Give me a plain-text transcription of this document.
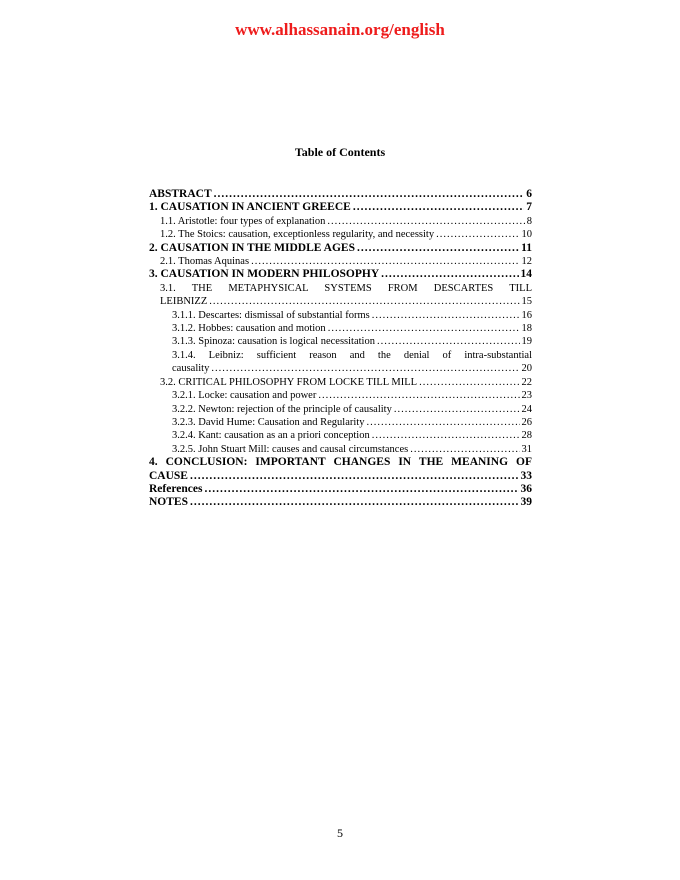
www.alhassanain.org/english
Table of Contents
ABSTRACT .....	6
1. CAUSATION IN ANCIENT GREECE .....	7
1.1. Aristotle: four types of explanation .....	8
1.2. The Stoics: causation, exceptionless regularity, and necessity .....	10
2. CAUSATION IN THE MIDDLE AGES .....	11
2.1. Thomas Aquinas .....	12
3. CAUSATION IN MODERN PHILOSOPHY .....	14
3.1. THE METAPHYSICAL SYSTEMS FROM DESCARTES TILL
LEIBNIZZ .....	15
3.1.1. Descartes: dismissal of substantial forms .....	16
3.1.2. Hobbes: causation and motion .....	18
3.1.3. Spinoza: causation is logical necessitation .....	19
3.1.4. Leibniz: sufficient reason and the denial of intra-substantial
causality .....	20
3.2. CRITICAL PHILOSOPHY FROM LOCKE TILL MILL .....	22
3.2.1. Locke: causation and power .....	23
3.2.2. Newton: rejection of the principle of causality .....	24
3.2.3. David Hume: Causation and Regularity .....	26
3.2.4. Kant: causation as an a priori conception .....	28
3.2.5. John Stuart Mill: causes and causal circumstances .....	31
4. CONCLUSION: IMPORTANT CHANGES IN THE MEANING OF
CAUSE .....	33
References .....	36
NOTES .....	39
5
